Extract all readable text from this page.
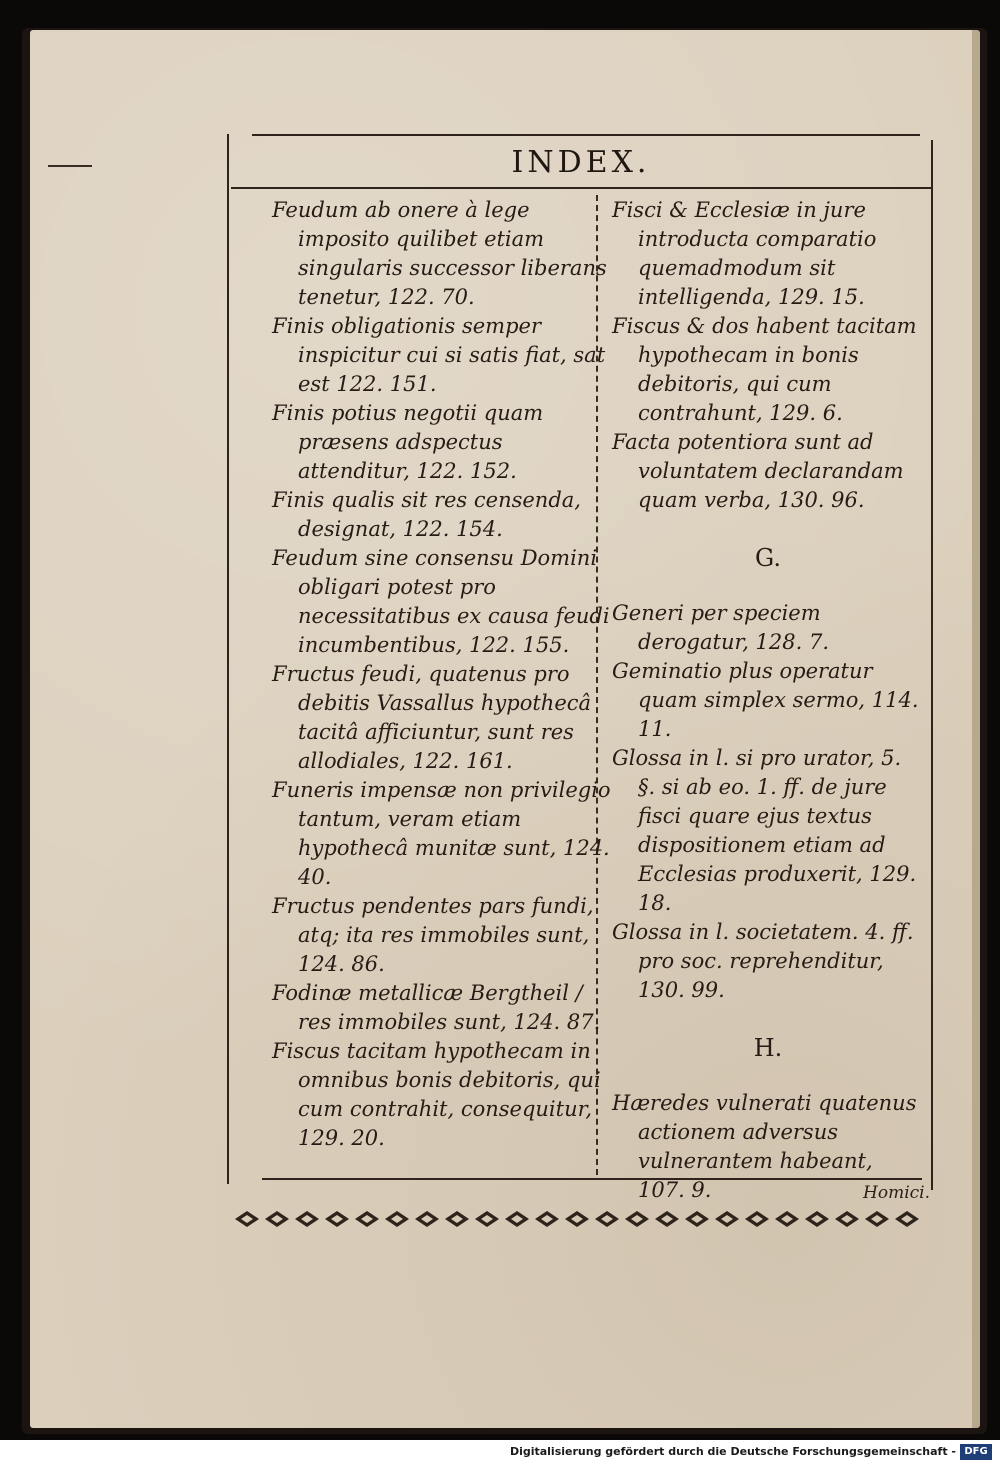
INDEX.
Feudum ab onere à lege imposito quilibet etiam singularis successor liberans tenetur, 122. 70.
Finis obligationis semper inspicitur cui si satis fiat, sat est 122. 151.
Finis potius negotii quam præsens adspectus attenditur, 122. 152.
Finis qualis sit res censenda, designat, 122. 154.
Feudum sine consensu Domini obligari potest pro necessitatibus ex causa feudi incumbentibus, 122. 155.
Fructus feudi, quatenus pro debitis Vassallus hypothecâ tacitâ afficiuntur, sunt res allodiales, 122. 161.
Funeris impensæ non privilegio tantum, veram etiam hypothecâ munitæ sunt, 124. 40.
Fructus pendentes pars fundi, atq; ita res immobiles sunt, 124. 86.
Fodinæ metallicæ Bergtheil / res immobiles sunt, 124. 87.
Fiscus tacitam hypothecam in omnibus bonis debitoris, qui cum contrahit, consequitur, 129. 20.
Fisci & Ecclesiæ in jure introducta comparatio quemadmodum sit intelligenda, 129. 15.
Fiscus & dos habent tacitam hypothecam in bonis debitoris, qui cum contrahunt, 129. 6.
Facta potentiora sunt ad voluntatem declarandam quam verba, 130. 96.
G.
Generi per speciem derogatur, 128. 7.
Geminatio plus operatur quam simplex sermo, 114. 11.
Glossa in l. si pro urator, 5. §. si ab eo. 1. ff. de jure fisci quare ejus textus dispositionem etiam ad Ecclesias produxerit, 129. 18.
Glossa in l. societatem. 4. ff. pro soc. reprehenditur, 130. 99.
H.
Hæredes vulnerati quatenus actionem adversus vulnerantem habeant, 107. 9.	Homici.
Digitalisierung gefördert durch die Deutsche Forschungsgemeinschaft - DFG
